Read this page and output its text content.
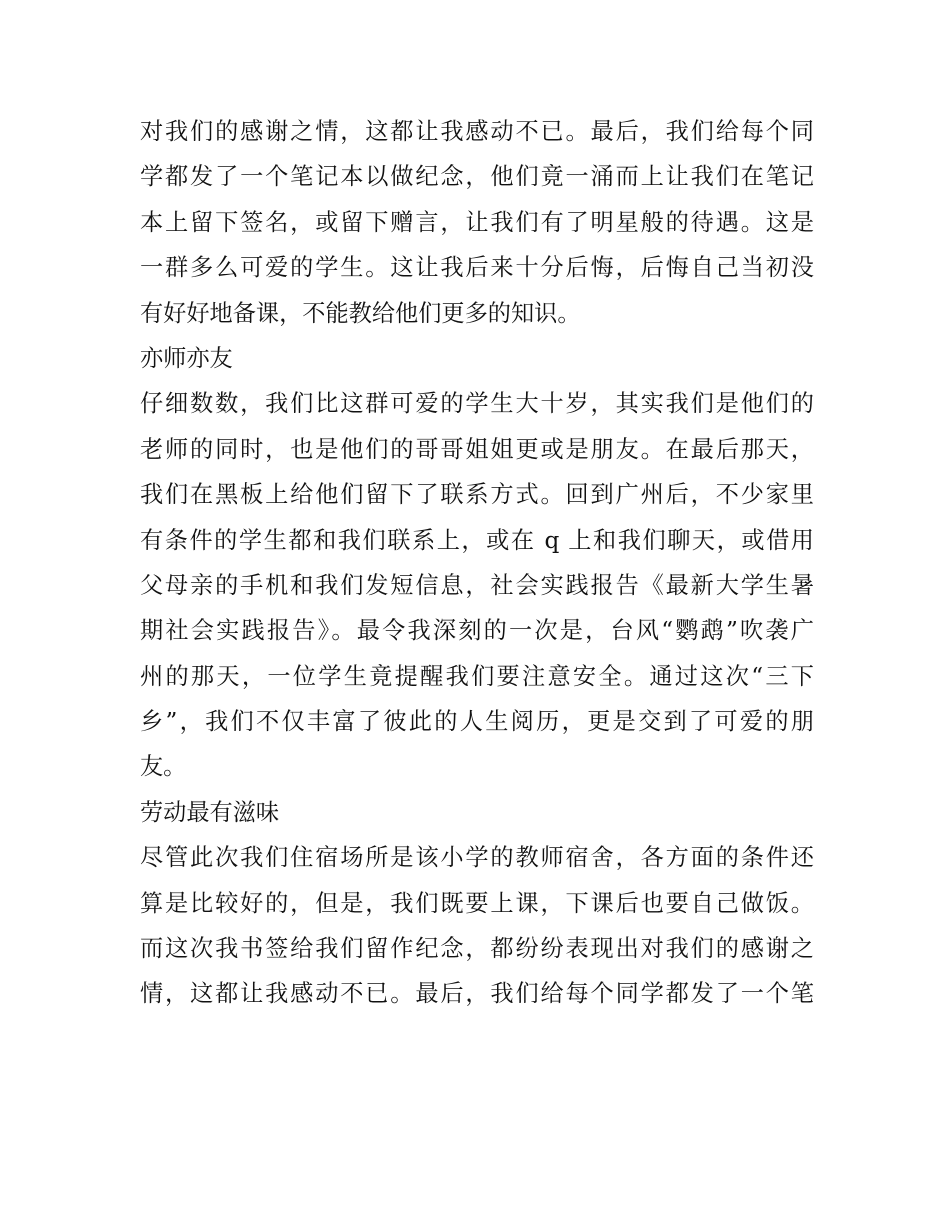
对我们的感谢之情，这都让我感动不已。最后，我们给每个同
学都发了一个笔记本以做纪念，他们竟一涌而上让我们在笔记
本上留下签名，或留下赠言，让我们有了明星般的待遇。这是
一群多么可爱的学生。这让我后来十分后悔，后悔自己当初没
有好好地备课，不能教给他们更多的知识。
亦师亦友
仔细数数，我们比这群可爱的学生大十岁，其实我们是他们的
老师的同时，也是他们的哥哥姐姐更或是朋友。在最后那天，
我们在黑板上给他们留下了联系方式。回到广州后，不少家里
有条件的学生都和我们联系上，或在 q 上和我们聊天，或借用
父母亲的手机和我们发短信息，社会实践报告《最新大学生暑
期社会实践报告》。最令我深刻的一次是，台风“鹦鹉”吹袭广
州的那天，一位学生竟提醒我们要注意安全。通过这次“三下
乡”，我们不仅丰富了彼此的人生阅历，更是交到了可爱的朋
友。
劳动最有滋味
尽管此次我们住宿场所是该小学的教师宿舍，各方面的条件还
算是比较好的，但是，我们既要上课，下课后也要自己做饭。
而这次我书签给我们留作纪念，都纷纷表现出对我们的感谢之
情，这都让我感动不已。最后，我们给每个同学都发了一个笔
